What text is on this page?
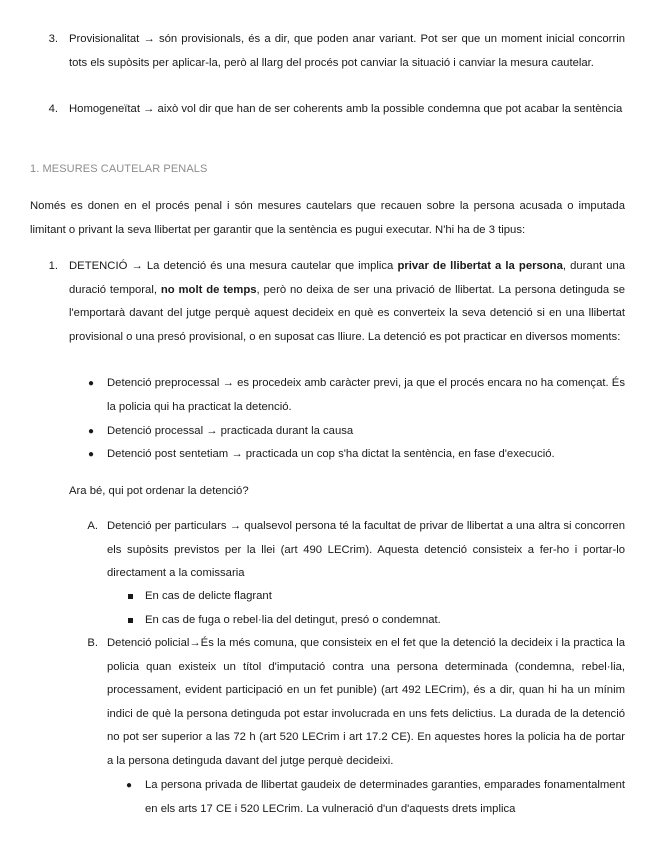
3. Provisionalitat → són provisionals, és a dir, que poden anar variant. Pot ser que un moment inicial concorrin tots els supòsits per aplicar-la, però al llarg del procés pot canviar la situació i canviar la mesura cautelar.

4. Homogeneïtat → això vol dir que han de ser coherents amb la possible condemna que pot acabar la sentència

1. MESURES CAUTELAR PENALS

Només es donen en el procés penal i són mesures cautelars que recauen sobre la persona acusada o imputada limitant o privant la seva llibertat per garantir que la sentència es pugui executar. N'hi ha de 3 tipus:

1. DETENCIÓ → La detenció és una mesura cautelar que implica privar de llibertat a la persona, durant una duració temporal, no molt de temps, però no deixa de ser una privació de llibertat. La persona detinguda se l'emportarà davant del jutge perquè aquest decideix en què es converteix la seva detenció si en una llibertat provisional o una presó provisional, o en suposat cas lliure. La detenció es pot practicar en diversos moments:

● Detenció preprocessal → es procedeix amb caràcter previ, ja que el procés encara no ha començat. És la policia qui ha practicat la detenció.

● Detenció processal → practicada durant la causa

● Detenció post sentetiam → practicada un cop s'ha dictat la sentència, en fase d'execució.

Ara bé, qui pot ordenar la detenció?

A. Detenció per particulars → qualsevol persona té la facultat de privar de llibertat a una altra si concorren els supòsits previstos per la llei (art 490 LECrim). Aquesta detenció consisteix a fer-ho i portar-lo directament a la comissaria

En cas de delicte flagrant

En cas de fuga o rebel·lia del detingut, presó o condemnat.

B. Detenció policial→És la més comuna, que consisteix en el fet que la detenció la decideix i la practica la policia quan existeix un títol d'imputació contra una persona determinada (condemna, rebel·lia, processament, evident participació en un fet punible) (art 492 LECrim), és a dir, quan hi ha un mínim indici de què la persona detinguda pot estar involucrada en uns fets delictius. La durada de la detenció no pot ser superior a las 72 h (art 520 LECrim i art 17.2 CE). En aquestes hores la policia ha de portar a la persona detinguda davant del jutge perquè decideixi.

● La persona privada de llibertat gaudeix de determinades garanties, emparades fonamentalment en els arts 17 CE i 520 LECrim. La vulneració d'un d'aquests drets implica
